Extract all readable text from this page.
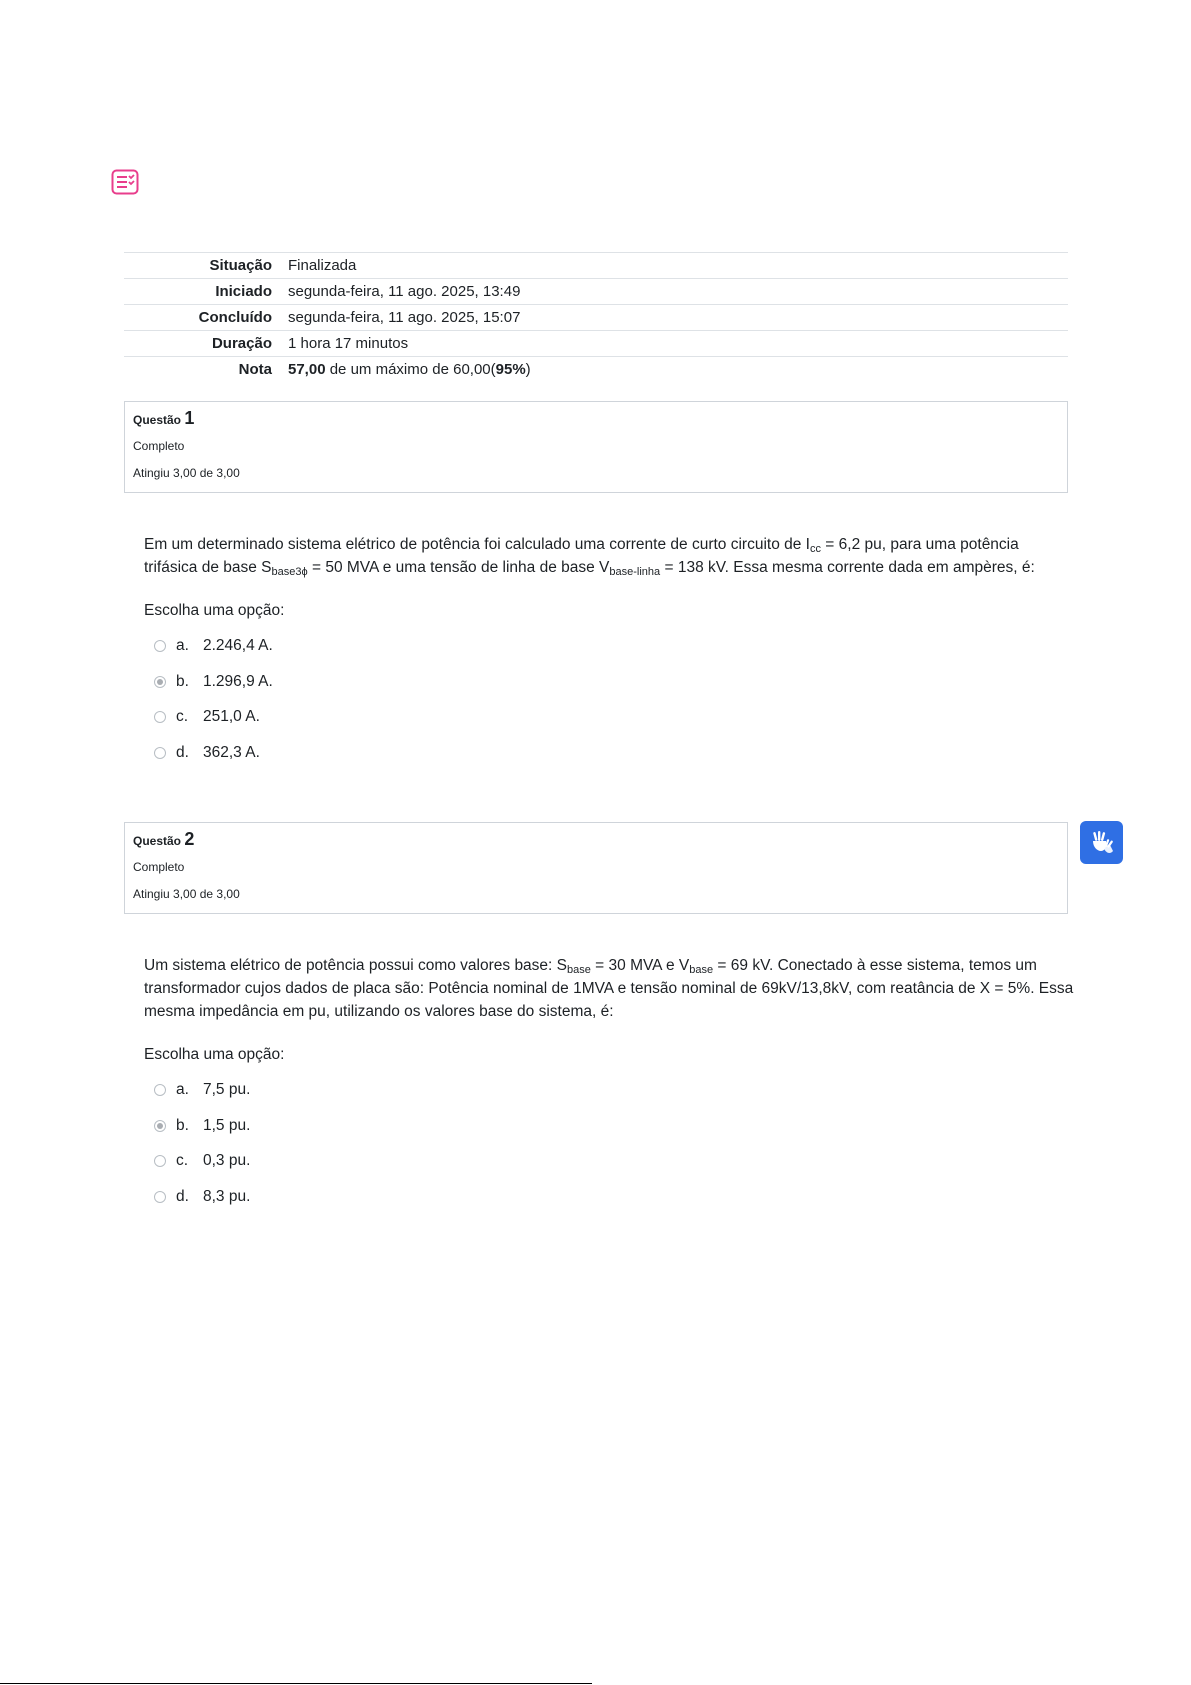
Situação	Finalizada
Iniciado	segunda-feira, 11 ago. 2025, 13:49
Concluído	segunda-feira, 11 ago. 2025, 15:07
Duração	1 hora 17 minutos
Nota	57,00 de um máximo de 60,00(95%)
Questão 1
Completo
Atingiu 3,00 de 3,00
Em um determinado sistema elétrico de potência foi calculado uma corrente de curto circuito de $I_{cc} = 6,2$ pu, para uma potência trifásica de base $S_{base3\phi} = 50$ MVA e uma tensão de linha de base $V_{base-linha} = 138$ kV. Essa mesma corrente dada em ampères, é:
Escolha uma opção:
a. 2.246,4 A.
b. 1.296,9 A.
c. 251,0 A.
d. 362,3 A.
Questão 2
Completo
Atingiu 3,00 de 3,00
Um sistema elétrico de potência possui como valores base: $S_{base} = 30$ MVA e $V_{base} = 69$ kV. Conectado à esse sistema, temos um transformador cujos dados de placa são: Potência nominal de 1MVA e tensão nominal de 69kV/13,8kV, com reatância de X = 5%. Essa mesma impedância em pu, utilizando os valores base do sistema, é:
Escolha uma opção:
a. 7,5 pu.
b. 1,5 pu.
c. 0,3 pu.
d. 8,3 pu.
